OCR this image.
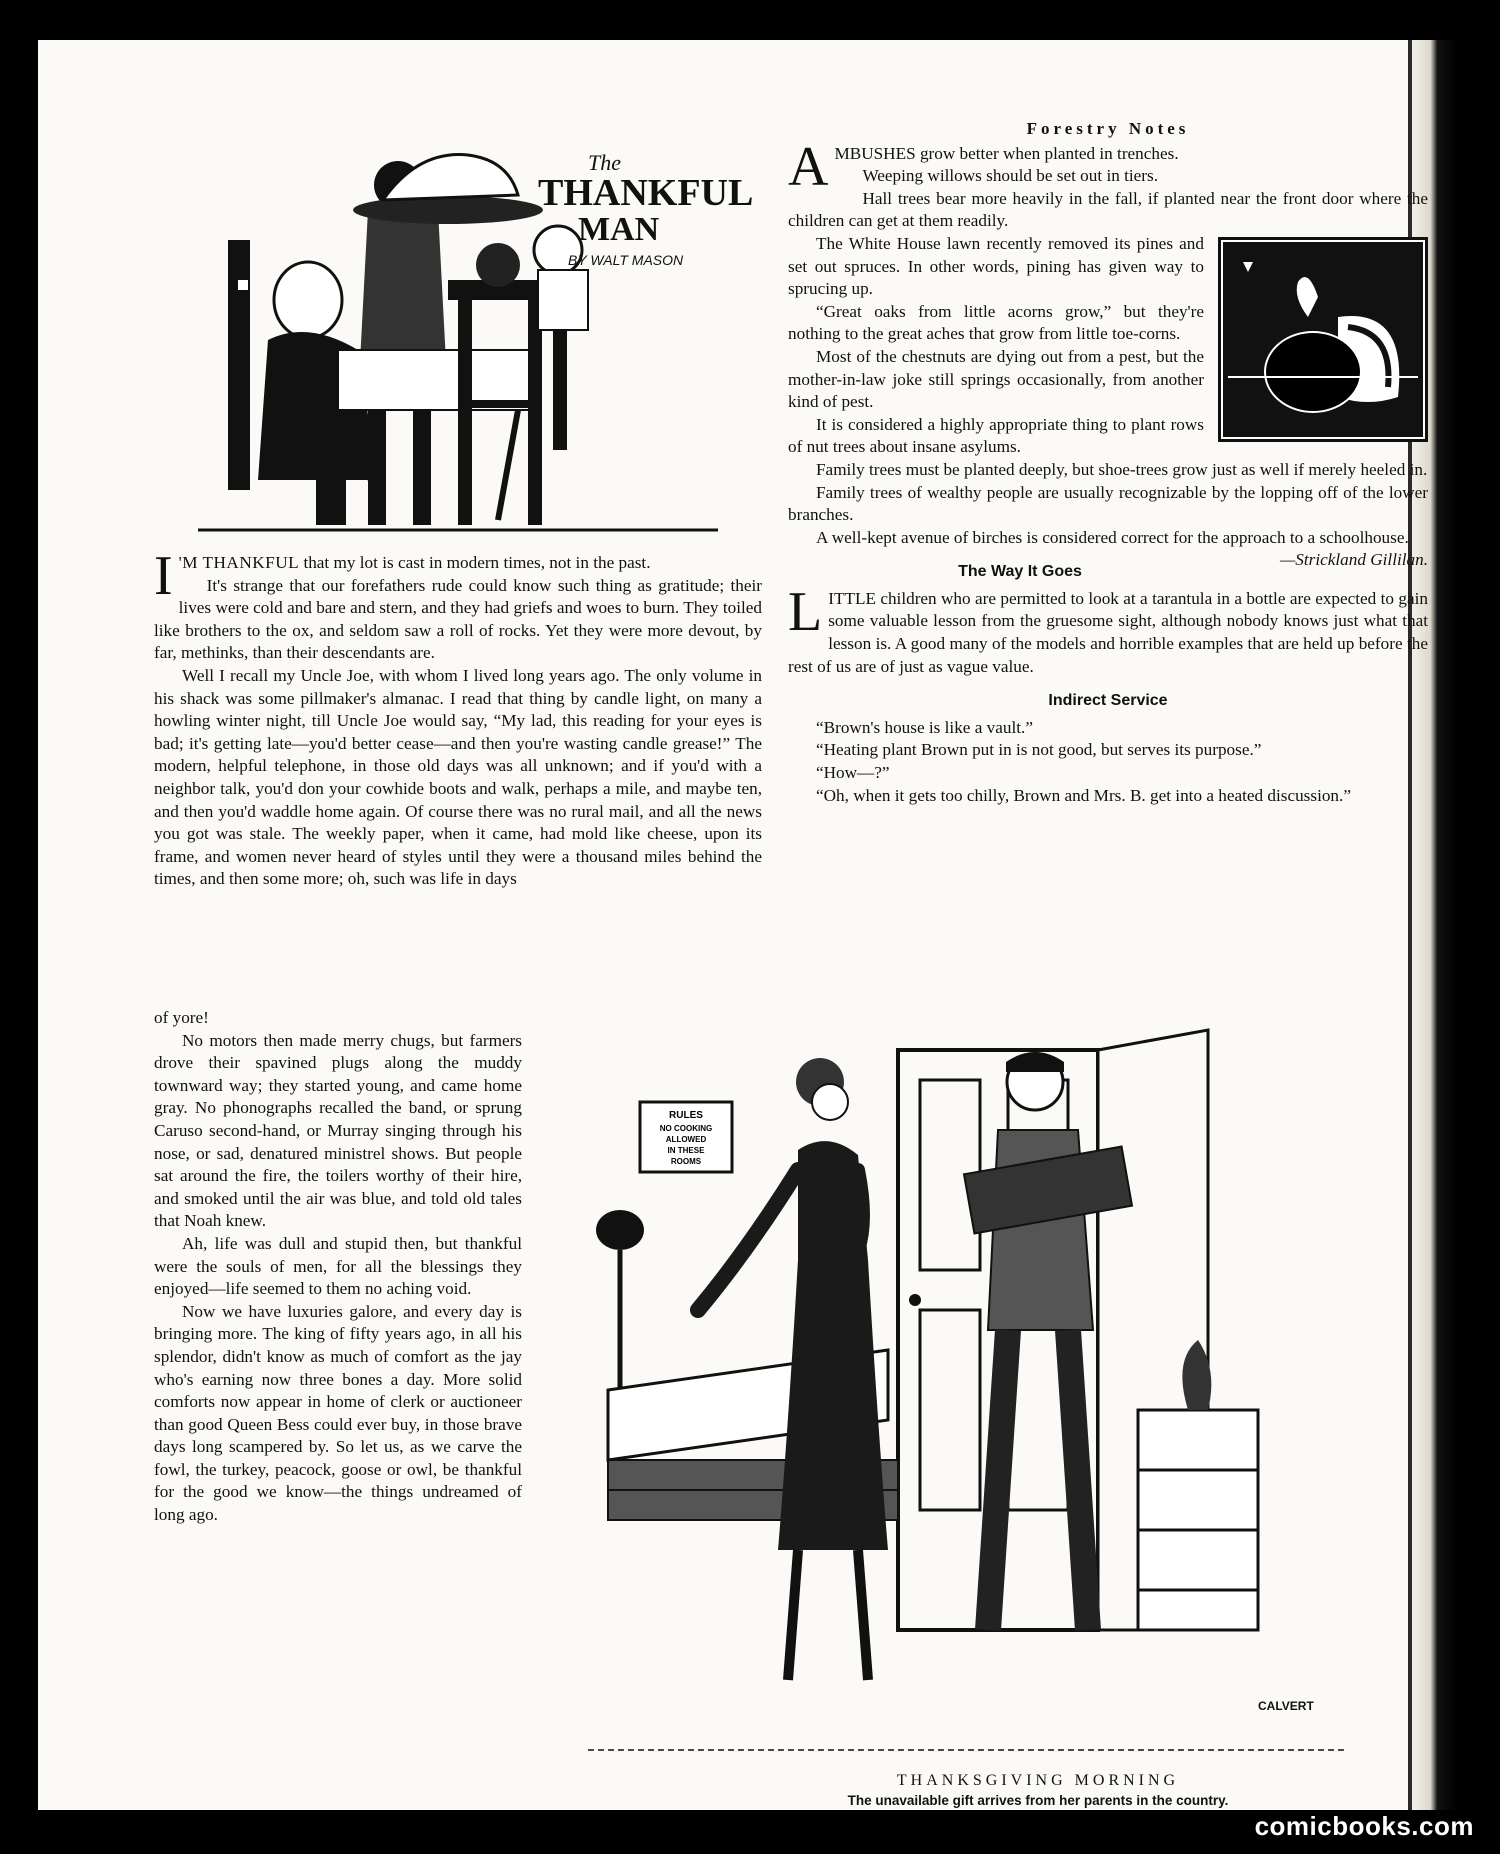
The
THANKFUL
MAN
BY WALT MASON

I 'M THANKFUL that my lot is cast in modern times, not in the past.

It's strange that our forefathers rude could know such thing as gratitude; their lives were cold and bare and stern, and they had griefs and woes to burn. They toiled like brothers to the ox, and seldom saw a roll of rocks. Yet they were more devout, by far, methinks, than their descendants are.

Well I recall my Uncle Joe, with whom I lived long years ago. The only volume in his shack was some pillmaker's almanac. I read that thing by candle light, on many a howling winter night, till Uncle Joe would say, “My lad, this reading for your eyes is bad; it's getting late—you'd better cease—and then you're wasting candle grease!” The modern, helpful telephone, in those old days was all unknown; and if you'd with a neighbor talk, you'd don your cowhide boots and walk, perhaps a mile, and maybe ten, and then you'd waddle home again. Of course there was no rural mail, and all the news you got was stale. The weekly paper, when it came, had mold like cheese, upon its frame, and women never heard of styles until they were a thousand miles behind the times, and then some more; oh, such was life in days

of yore!

No motors then made merry chugs, but farmers drove their spavined plugs along the muddy townward way; they started young, and came home gray. No phonographs recalled the band, or sprung Caruso second-hand, or Murray singing through his nose, or sad, denatured ministrel shows. But people sat around the fire, the toilers worthy of their hire, and smoked until the air was blue, and told old tales that Noah knew.

Ah, life was dull and stupid then, but thankful were the souls of men, for all the blessings they enjoyed—life seemed to them no aching void.

Now we have luxuries galore, and every day is bringing more. The king of fifty years ago, in all his splendor, didn't know as much of comfort as the jay who's earning now three bones a day. More solid comforts now appear in home of clerk or auctioneer than good Queen Bess could ever buy, in those brave days long scampered by. So let us, as we carve the fowl, the turkey, peacock, goose or owl, be thankful for the good we know—the things undreamed of long ago.

Forestry Notes

AMBUSHES grow better when planted in trenches.

Weeping willows should be set out in tiers.

Hall trees bear more heavily in the fall, if planted near the front door where the children can get at them readily.

The White House lawn recently removed its pines and set out spruces. In other words, pining has given way to sprucing up.

“Great oaks from little acorns grow,” but they're nothing to the great aches that grow from little toe-corns.

Most of the chestnuts are dying out from a pest, but the mother-in-law joke still springs occasionally, from another kind of pest.

It is considered a highly appropriate thing to plant rows of nut trees about insane asylums.

Family trees must be planted deeply, but shoe-trees grow just as well if merely heeled in.

Family trees of wealthy people are usually recognizable by the lopping off of the lower branches.

A well-kept avenue of birches is considered correct for the approach to a schoolhouse.
—Strickland Gillilan.

The Way It Goes

LITTLE children who are permitted to look at a tarantula in a bottle are expected to gain some valuable lesson from the gruesome sight, although nobody knows just what that lesson is. A good many of the models and horrible examples that are held up before the rest of us are of just as vague value.

Indirect Service

“Brown's house is like a vault.”

“Heating plant Brown put in is not good, but serves its purpose.”

“How—?”

“Oh, when it gets too chilly, Brown and Mrs. B. get into a heated discussion.”

RULES
NO COOKING
ALLOWED
IN THESE
ROOMS
CALVERT
THANKSGIVING MORNING
The unavailable gift arrives from her parents in the country.
comicbooks.com
